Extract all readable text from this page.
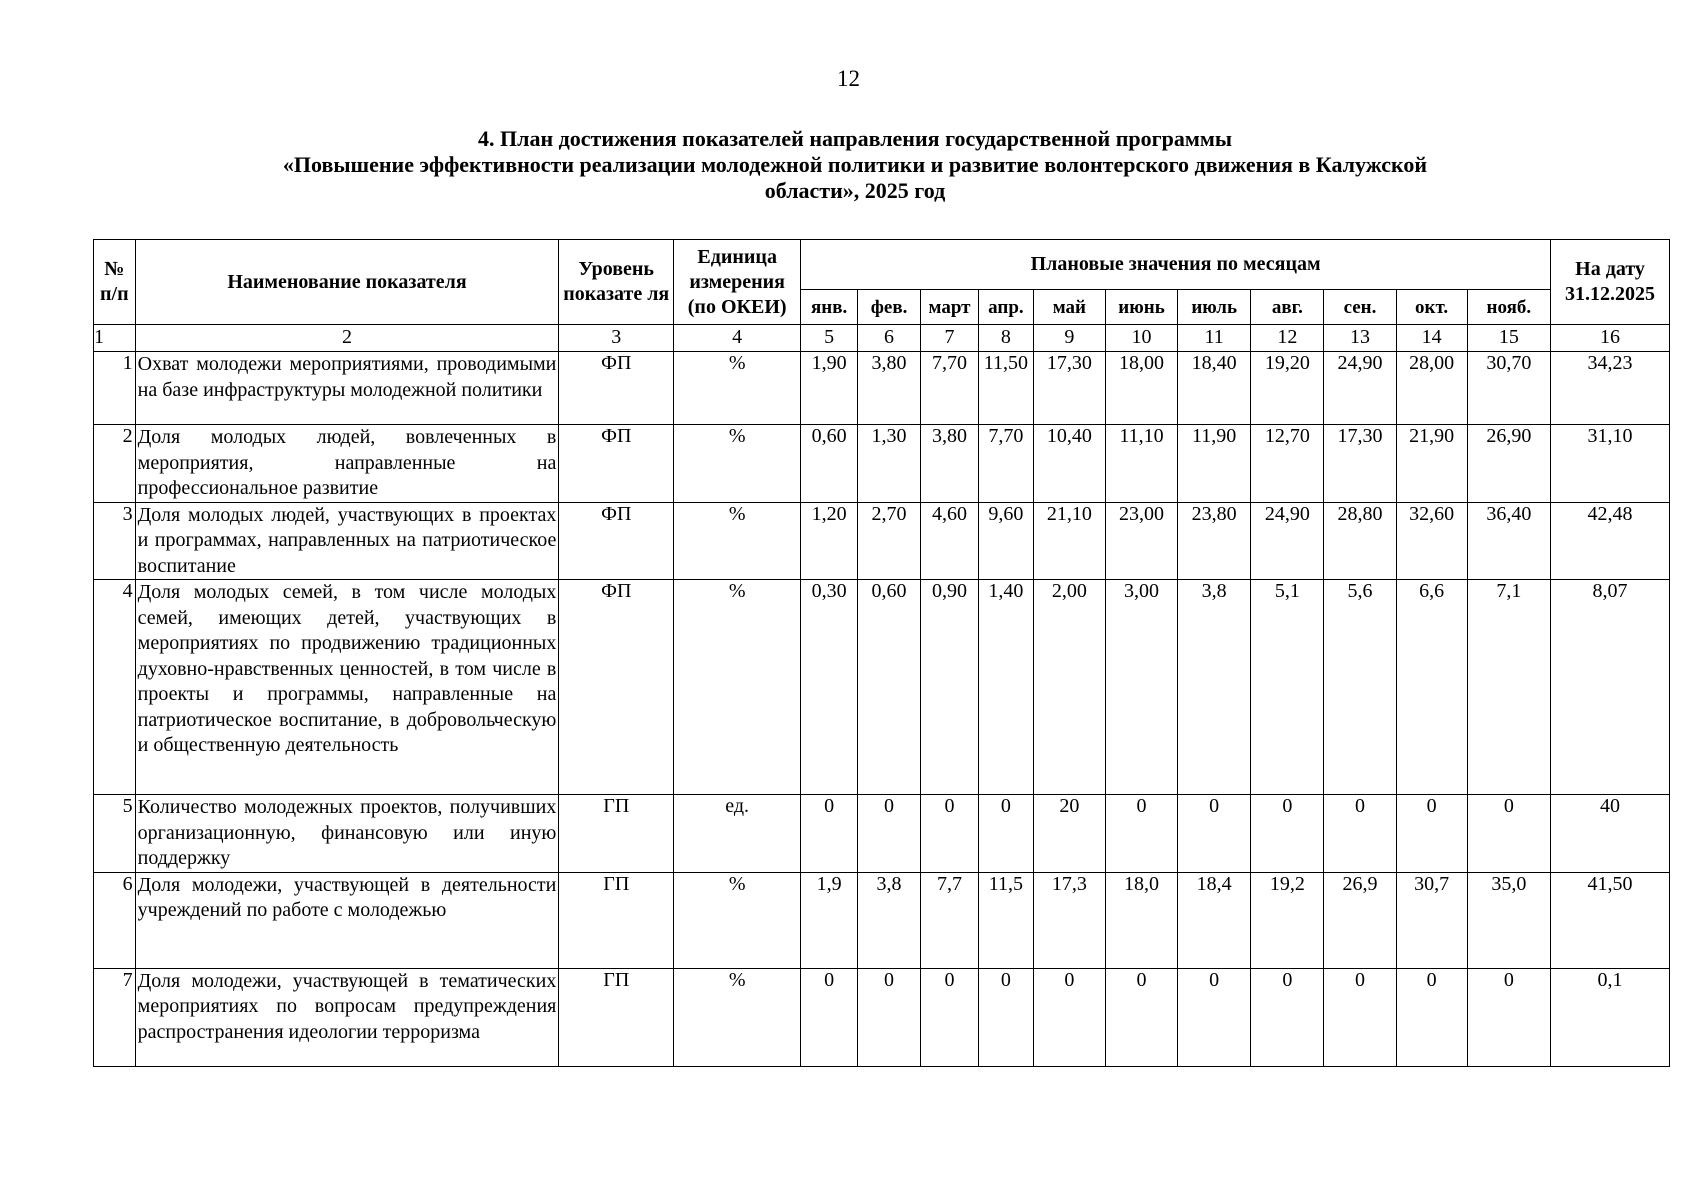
12
4. План достижения показателей направления государственной программы
«Повышение эффективности реализации молодежной политики и развитие волонтерского движения в Калужской
области», 2025 год
№ п/п	Наименование показателя	Уровень показате ля	Единица измерения (по ОКЕИ)	Плановые значения по месяцам											На дату 31.12.2025
				янв.	фев.	март	апр.	май	июнь	июль	авг.	сен.	окт.	нояб.	
1	2	3	4	5	6	7	8	9	10	11	12	13	14	15	16
1	Охват молодежи мероприятиями, проводимыми на базе инфраструктуры молодежной политики	ФП	%	1,90	3,80	7,70	11,50	17,30	18,00	18,40	19,20	24,90	28,00	30,70	34,23
2	Доля молодых людей, вовлеченных в мероприятия, направленные на профессиональное развитие	ФП	%	0,60	1,30	3,80	7,70	10,40	11,10	11,90	12,70	17,30	21,90	26,90	31,10
3	Доля молодых людей, участвующих в проектах и программах, направленных на патриотическое воспитание	ФП	%	1,20	2,70	4,60	9,60	21,10	23,00	23,80	24,90	28,80	32,60	36,40	42,48
4	Доля молодых семей, в том числе молодых семей, имеющих детей, участвующих в мероприятиях по продвижению традиционных духовно-нравственных ценностей, в том числе в проекты и программы, направленные на патриотическое воспитание, в добровольческую и общественную деятельность	ФП	%	0,30	0,60	0,90	1,40	2,00	3,00	3,8	5,1	5,6	6,6	7,1	8,07
5	Количество молодежных проектов, получивших организационную, финансовую или иную поддержку	ГП	ед.	0	0	0	0	20	0	0	0	0	0	0	40
6	Доля молодежи, участвующей в деятельности учреждений по работе с молодежью	ГП	%	1,9	3,8	7,7	11,5	17,3	18,0	18,4	19,2	26,9	30,7	35,0	41,50
7	Доля молодежи, участвующей в тематических мероприятиях по вопросам предупреждения распространения идеологии терроризма	ГП	%	0	0	0	0	0	0	0	0	0	0	0	0,1
